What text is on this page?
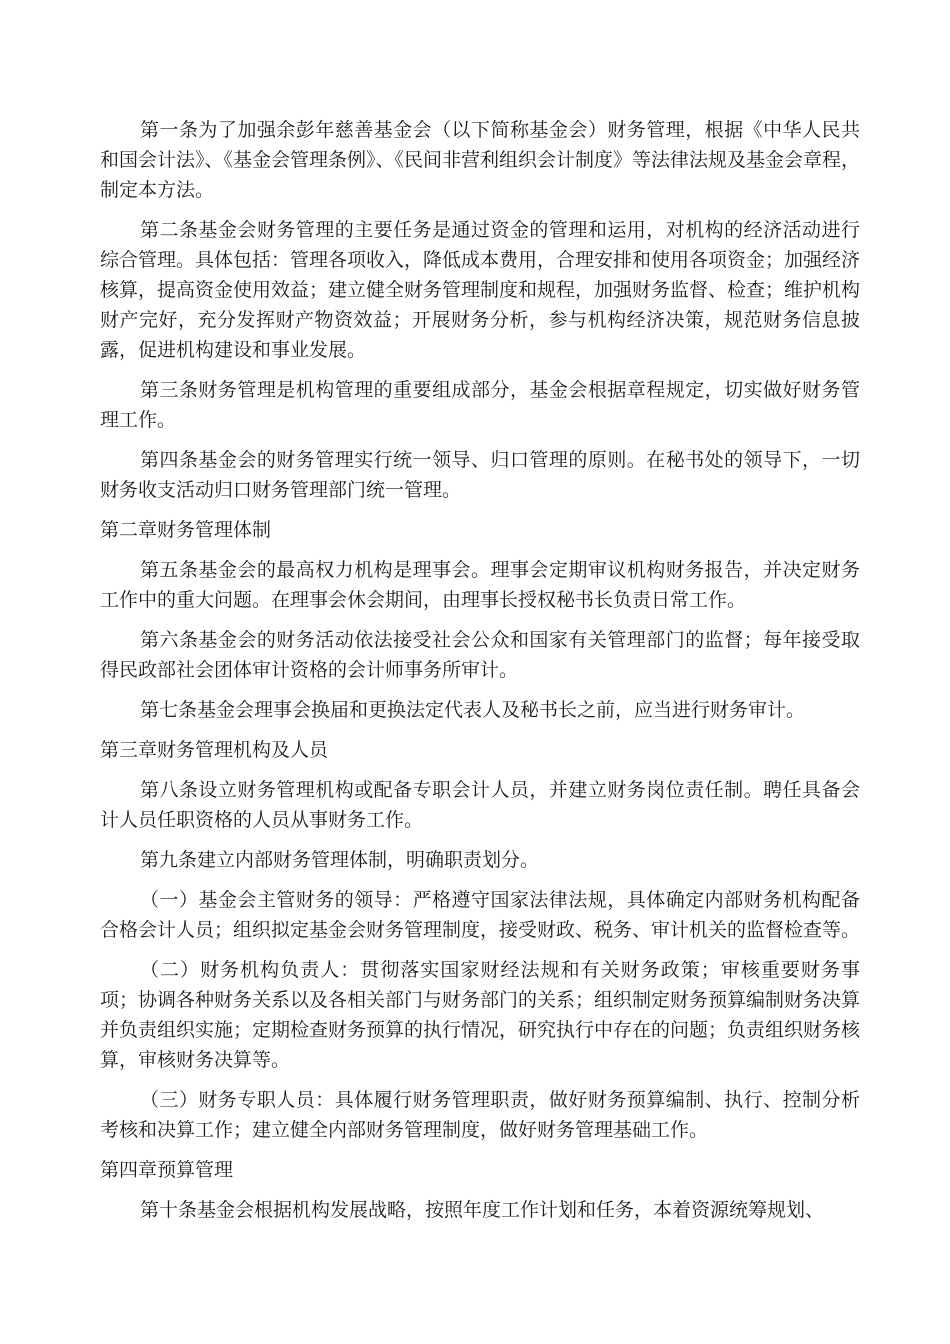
第一条为了加强余彭年慈善基金会（以下简称基金会）财务管理，根据《中华人民共和国会计法》、《基金会管理条例》、《民间非营利组织会计制度》等法律法规及基金会章程，制定本方法。

第二条基金会财务管理的主要任务是通过资金的管理和运用，对机构的经济活动进行综合管理。具体包括：管理各项收入，降低成本费用，合理安排和使用各项资金；加强经济核算，提高资金使用效益；建立健全财务管理制度和规程，加强财务监督、检查；维护机构财产完好，充分发挥财产物资效益；开展财务分析，参与机构经济决策，规范财务信息披露，促进机构建设和事业发展。

第三条财务管理是机构管理的重要组成部分，基金会根据章程规定，切实做好财务管理工作。

第四条基金会的财务管理实行统一领导、归口管理的原则。在秘书处的领导下，一切财务收支活动归口财务管理部门统一管理。

第二章财务管理体制

第五条基金会的最高权力机构是理事会。理事会定期审议机构财务报告，并决定财务工作中的重大问题。在理事会休会期间，由理事长授权秘书长负责日常工作。

第六条基金会的财务活动依法接受社会公众和国家有关管理部门的监督；每年接受取得民政部社会团体审计资格的会计师事务所审计。

第七条基金会理事会换届和更换法定代表人及秘书长之前，应当进行财务审计。

第三章财务管理机构及人员

第八条设立财务管理机构或配备专职会计人员，并建立财务岗位责任制。聘任具备会计人员任职资格的人员从事财务工作。

第九条建立内部财务管理体制，明确职责划分。

（一）基金会主管财务的领导：严格遵守国家法律法规，具体确定内部财务机构配备合格会计人员；组织拟定基金会财务管理制度，接受财政、税务、审计机关的监督检查等。

（二）财务机构负责人：贯彻落实国家财经法规和有关财务政策；审核重要财务事项；协调各种财务关系以及各相关部门与财务部门的关系；组织制定财务预算编制财务决算并负责组织实施；定期检查财务预算的执行情况，研究执行中存在的问题；负责组织财务核算，审核财务决算等。

（三）财务专职人员：具体履行财务管理职责，做好财务预算编制、执行、控制分析考核和决算工作；建立健全内部财务管理制度，做好财务管理基础工作。

第四章预算管理

第十条基金会根据机构发展战略，按照年度工作计划和任务，本着资源统筹规划、
